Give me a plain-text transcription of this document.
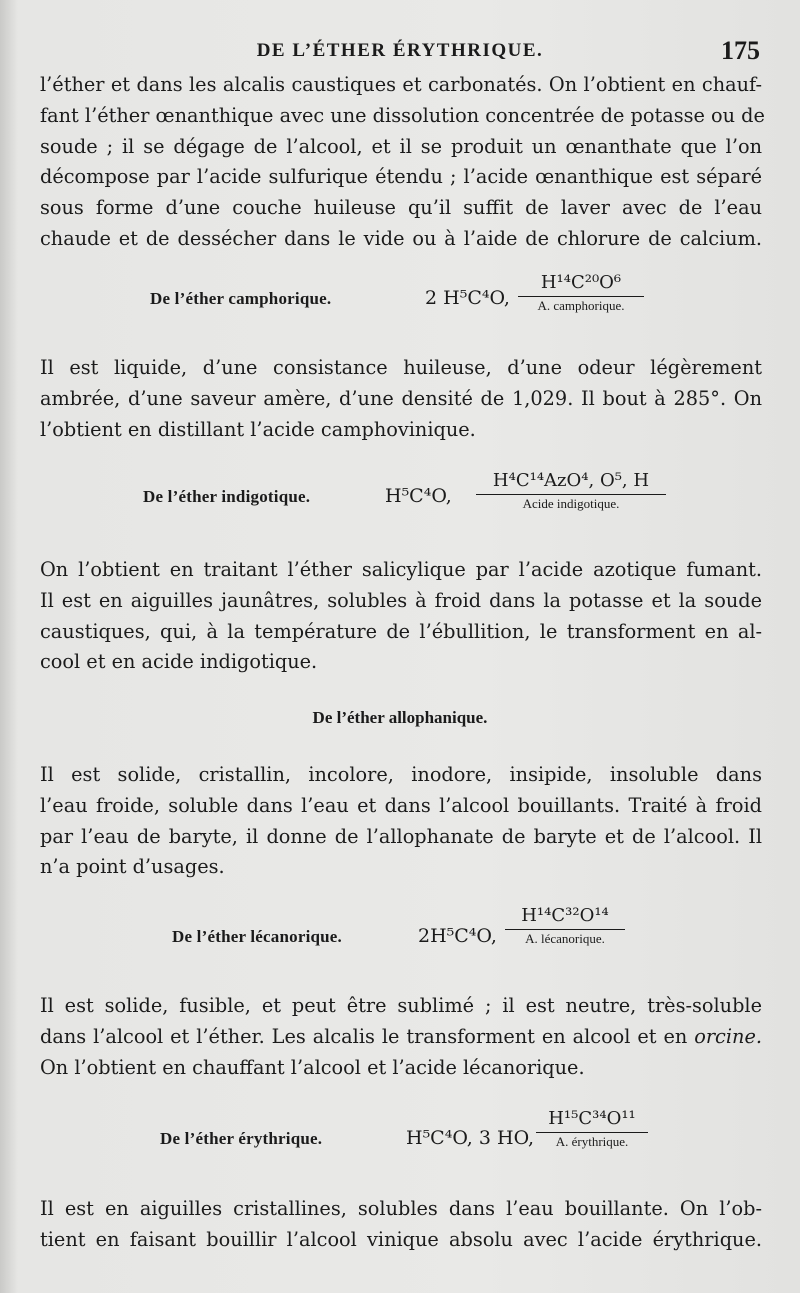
DE L’ÉTHER ÉRYTHRIQUE.	175
l’éther et dans les alcalis caustiques et carbonatés. On l’obtient en chauf-
fant l’éther œnanthique avec une dissolution concentrée de potasse ou de
soude ; il se dégage de l’alcool, et il se produit un œnanthate que l’on
décompose par l’acide sulfurique étendu ; l’acide œnanthique est séparé
sous forme d’une couche huileuse qu’il suffit de laver avec de l’eau
chaude et de dessécher dans le vide ou à l’aide de chlorure de calcium.
De l’éther camphorique.	2 H⁵C⁴O,
H¹⁴C²⁰O⁶
A. camphorique.
Il est liquide, d’une consistance huileuse, d’une odeur légèrement
ambrée, d’une saveur amère, d’une densité de 1,029. Il bout à 285°. On
l’obtient en distillant l’acide camphovinique.
De l’éther indigotique.	H⁵C⁴O,
H⁴C¹⁴AzO⁴, O⁵, H
Acide indigotique.
On l’obtient en traitant l’éther salicylique par l’acide azotique fumant.
Il est en aiguilles jaunâtres, solubles à froid dans la potasse et la soude
caustiques, qui, à la température de l’ébullition, le transforment en al-
cool et en acide indigotique.
De l’éther allophanique.
Il est solide, cristallin, incolore, inodore, insipide, insoluble dans
l’eau froide, soluble dans l’eau et dans l’alcool bouillants. Traité à froid
par l’eau de baryte, il donne de l’allophanate de baryte et de l’alcool. Il
n’a point d’usages.
De l’éther lécanorique.	2H⁵C⁴O,
H¹⁴C³²O¹⁴
A. lécanorique.
Il est solide, fusible, et peut être sublimé ; il est neutre, très-soluble
dans l’alcool et l’éther. Les alcalis le transforment en alcool et en orcine.
On l’obtient en chauffant l’alcool et l’acide lécanorique.
De l’éther érythrique.	H⁵C⁴O, 3 HO,
H¹⁵C³⁴O¹¹
A. érythrique.
Il est en aiguilles cristallines, solubles dans l’eau bouillante. On l’ob-
tient en faisant bouillir l’alcool vinique absolu avec l’acide érythrique.
